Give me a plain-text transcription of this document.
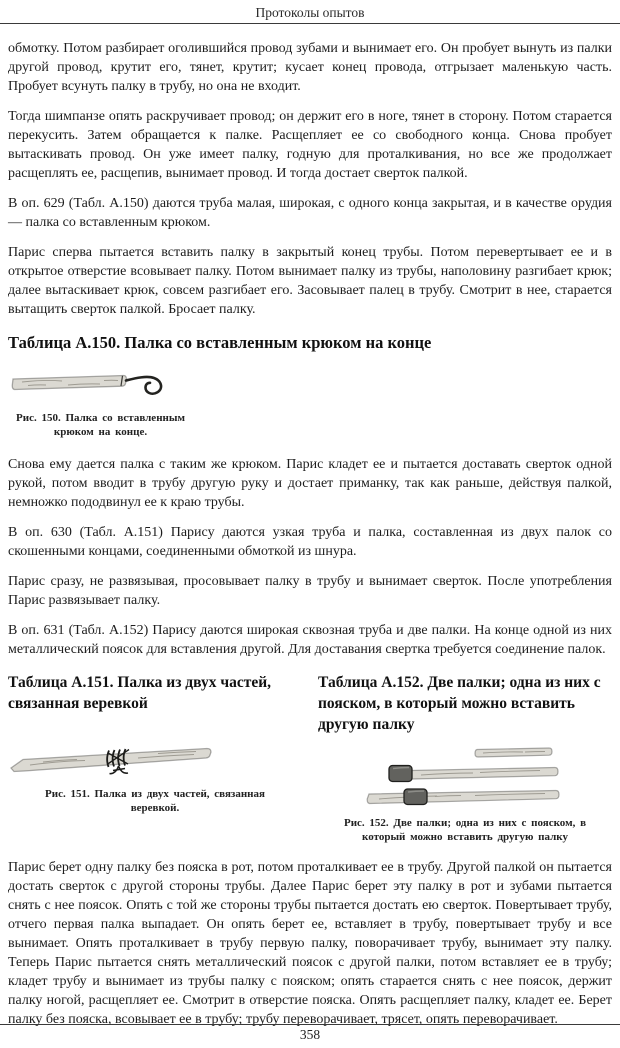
Протоколы опытов

обмотку. Потом разбирает оголившийся провод зубами и вынимает его. Он пробует вынуть из палки другой провод, крутит его, тянет, крутит; кусает конец провода, отгрызает маленькую часть. Пробует всунуть палку в трубу, но она не входит.

Тогда шимпанзе опять раскручивает провод; он держит его в ноге, тянет в сторону. Потом старается перекусить. Затем обращается к палке. Расщепляет ее со свободного конца. Снова пробует вытаскивать провод. Он уже имеет палку, годную для проталкивания, но все же продолжает расщеплять ее, расщепив, вынимает провод. И тогда достает сверток палкой.

В оп. 629 (Табл. А.150) даются труба малая, широкая, с одного конца закрытая, и в качестве орудия — палка со вставленным крюком.

Парис сперва пытается вставить палку в закрытый конец трубы. Потом перевертывает ее и в открытое отверстие всовывает палку. Потом вынимает палку из трубы, наполовину разгибает крюк; далее вытаскивает крюк, совсем разгибает его. Засовывает палец в трубу. Смотрит в нее, старается вытащить сверток палкой. Бросает палку.

Таблица А.150. Палка со вставленным крюком на конце
Рис. 150. Палка со вставленным крюком на конце.

Снова ему дается палка с таким же крюком. Парис кладет ее и пытается доставать сверток одной рукой, потом вводит в трубу другую руку и достает приманку, так как раньше, действуя палкой, немножко пододвинул ее к краю трубы.

В оп. 630 (Табл. А.151) Парису даются узкая труба и палка, составленная из двух палок со скошенными концами, соединенными обмоткой из шнура.

Парис сразу, не развязывая, просовывает палку в трубу и вынимает сверток. После употребления Парис развязывает палку.

В оп. 631 (Табл. А.152) Парису даются широкая сквозная труба и две палки. На конце одной из них металлический поясок для вставления другой. Для доставания свертка требуется соединение палок.

Таблица А.151. Палка из двух частей, связанная веревкой
Рис. 151. Палка из двух частей, связанная веревкой.
Таблица А.152. Две палки; одна из них с пояском, в который можно вставить другую палку
Рис. 152. Две палки; одна из них с пояском, в который можно вставить другую палку

Парис берет одну палку без пояска в рот, потом проталкивает ее в трубу. Другой палкой он пытается достать сверток с другой стороны трубы. Далее Парис берет эту палку в рот и зубами пытается снять с нее поясок. Опять с той же стороны трубы пытается достать ею сверток. Повертывает трубу, отчего первая палка выпадает. Он опять берет ее, вставляет в трубу, повертывает трубу и все вынимает. Опять проталкивает в трубу первую палку, поворачивает трубу, вынимает эту палку. Теперь Парис пытается снять металлический поясок с другой палки, потом вставляет ее в трубу; кладет трубу и вынимает из трубы палку с пояском; опять старается снять с нее поясок, держит палку ногой, расщепляет ее. Смотрит в отверстие пояска. Опять расщепляет палку, кладет ее. Берет палку без пояска, всовывает ее в трубу; трубу переворачивает, трясет, опять переворачивает.

358
